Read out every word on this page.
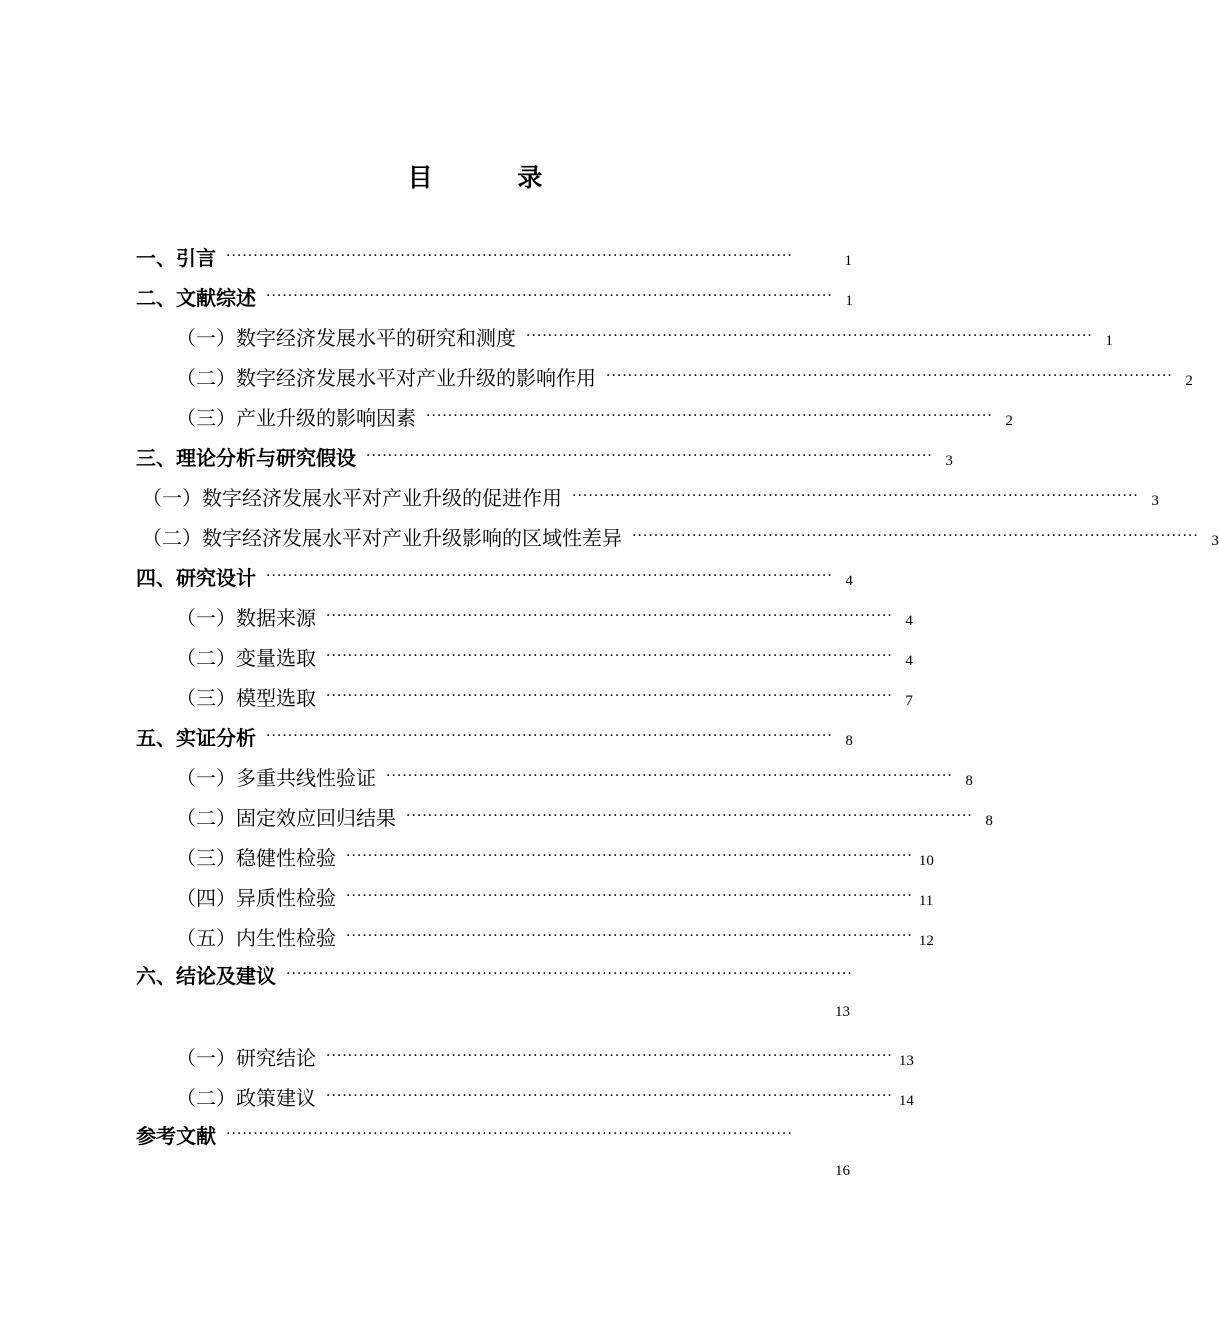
目 录
一、引言 ········································································································	1
二、文献综述 ········································································································ 1
（一）数字经济发展水平的研究和测度 ········································································································ 1
（二）数字经济发展水平对产业升级的影响作用 ········································································································ 2
（三）产业升级的影响因素 ········································································································ 2
三、理论分析与研究假设 ········································································································ 3
（一）数字经济发展水平对产业升级的促进作用 ········································································································ 3
（二）数字经济发展水平对产业升级影响的区域性差异 ········································································································ 3
四、研究设计 ········································································································ 4
（一）数据来源 ········································································································ 4
（二）变量选取 ········································································································ 4
（三）模型选取 ········································································································ 7
五、实证分析 ········································································································ 8
（一）多重共线性验证 ········································································································ 8
（二）固定效应回归结果 ········································································································ 8
（三）稳健性检验 ········································································································ 10
（四）异质性检验 ········································································································ 11
（五）内生性检验 ········································································································ 12
六、结论及建议 ········································································································
13
（一）研究结论 ········································································································ 13
（二）政策建议 ········································································································ 14
参考文献 ········································································································
16
